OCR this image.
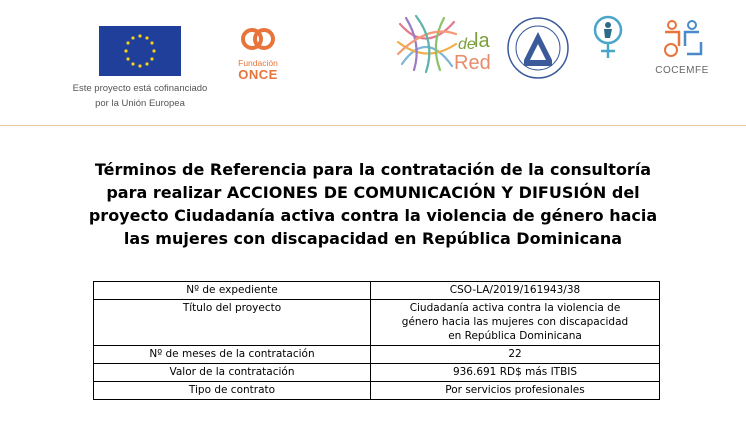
Este proyecto está cofinanciado
por la Unión Europea
Fundación
ONCE
de
la
Red	COCEMFE
Términos de Referencia para la contratación de la consultoría
para realizar ACCIONES DE COMUNICACIÓN Y DIFUSIÓN del
proyecto Ciudadanía activa contra la violencia de género hacia
las mujeres con discapacidad en República Dominicana
Nº de expediente	CSO-LA/2019/161943/38

Título del proyecto	Ciudadanía activa contra la violencia de
género hacia las mujeres con discapacidad
en República Dominicana

Nº de meses de la contratación	22

Valor de la contratación	936.691 RD$ más ITBIS

Tipo de contrato	Por servicios profesionales
